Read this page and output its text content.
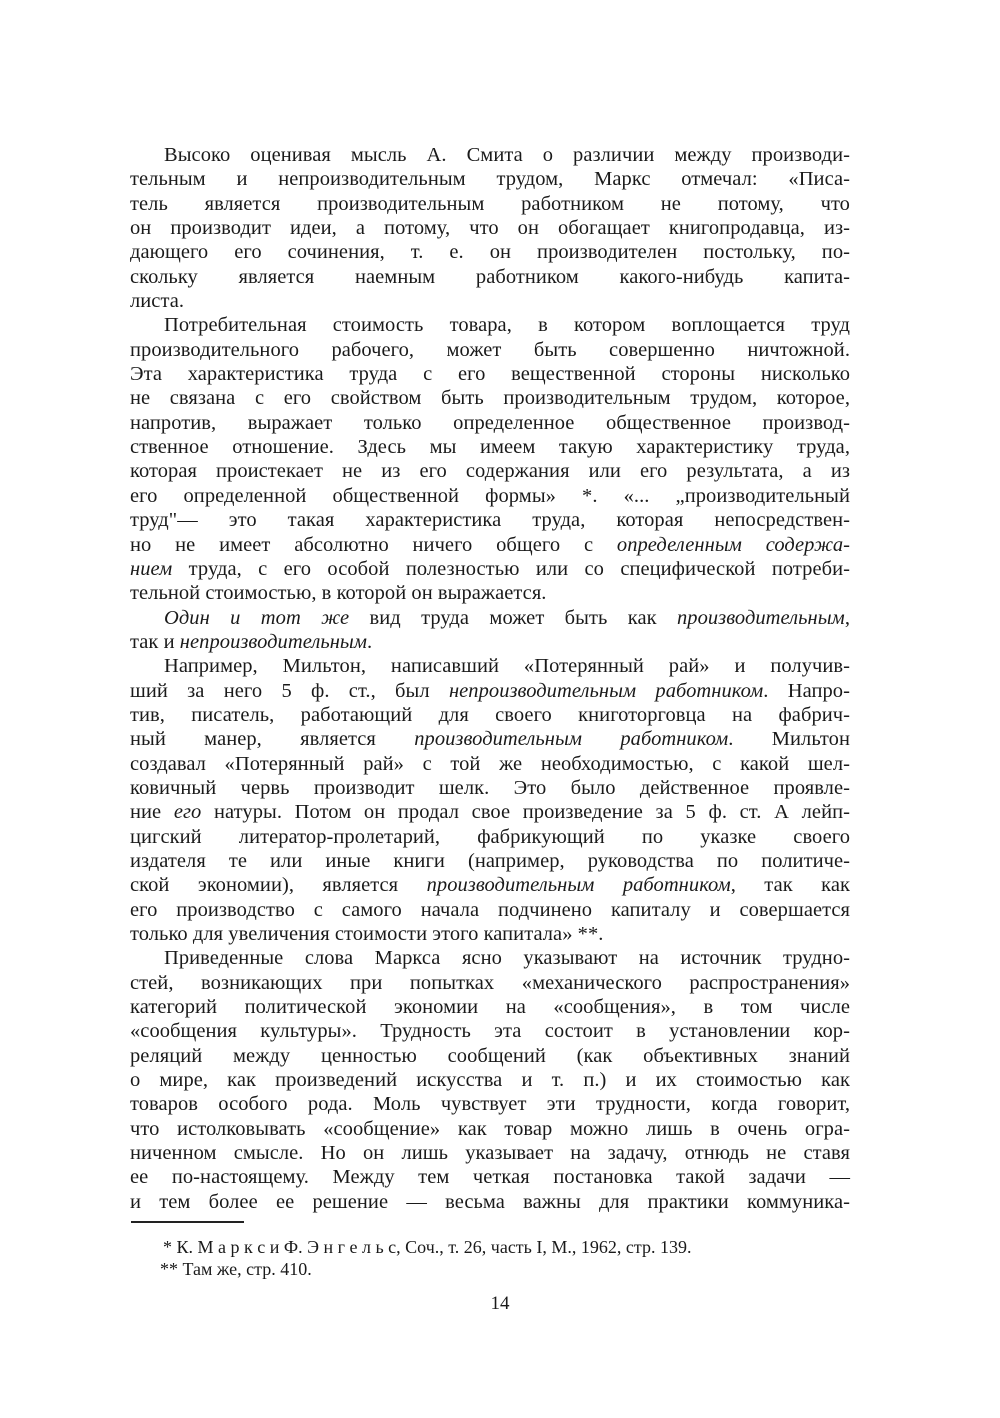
Высоко оценивая мысль А. Смита о различии между производи-
тельным и непроизводительным трудом, Маркс отмечал: «Писа-
тель является производительным работником не потому, что
он производит идеи, а потому, что он обогащает книгопродавца, из-
дающего его сочинения, т. е. он производителен постольку, по-
скольку является наемным работником какого-нибудь капита-
листа.
Потребительная стоимость товара, в котором воплощается труд
производительного рабочего, может быть совершенно ничтожной.
Эта характеристика труда с его вещественной стороны нисколько
не связана с его свойством быть производительным трудом, которое,
напротив, выражает только определенное общественное производ-
ственное отношение. Здесь мы имеем такую характеристику труда,
которая проистекает не из его содержания или его результата, а из
его определенной общественной формы» *. «... „производительный
труд"— это такая характеристика труда, которая непосредствен-
но не имеет абсолютно ничего общего с определенным содержа-
нием труда, с его особой полезностью или со специфической потреби-
тельной стоимостью, в которой он выражается.
Один и тот же вид труда может быть как производительным,
так и непроизводительным.
Например, Мильтон, написавший «Потерянный рай» и получив-
ший за него 5 ф. ст., был непроизводительным работником. Напро-
тив, писатель, работающий для своего книготорговца на фабрич-
ный манер, является производительным работником. Мильтон
создавал «Потерянный рай» с той же необходимостью, с какой шел-
ковичный червь производит шелк. Это было действенное проявле-
ние его натуры. Потом он продал свое произведение за 5 ф. ст. А лейп-
цигский литератор-пролетарий, фабрикующий по указке своего
издателя те или иные книги (например, руководства по политиче-
ской экономии), является производительным работником, так как
его производство с самого начала подчинено капиталу и совершается
только для увеличения стоимости этого капитала» **.
Приведенные слова Маркса ясно указывают на источник трудно-
стей, возникающих при попытках «механического распространения»
категорий политической экономии на «сообщения», в том числе
«сообщения культуры». Трудность эта состоит в установлении кор-
реляций между ценностью сообщений (как объективных знаний
о мире, как произведений искусства и т. п.) и их стоимостью как
товаров особого рода. Моль чувствует эти трудности, когда говорит,
что истолковывать «сообщение» как товар можно лишь в очень огра-
ниченном смысле. Но он лишь указывает на задачу, отнюдь не ставя
ее по-настоящему. Между тем четкая постановка такой задачи —
и тем более ее решение — весьма важны для практики коммуника-
* К. М а р к с и Ф. Э н г е л ь с, Соч., т. 26, часть I, М., 1962, стр. 139.
** Там же, стр. 410.
14
